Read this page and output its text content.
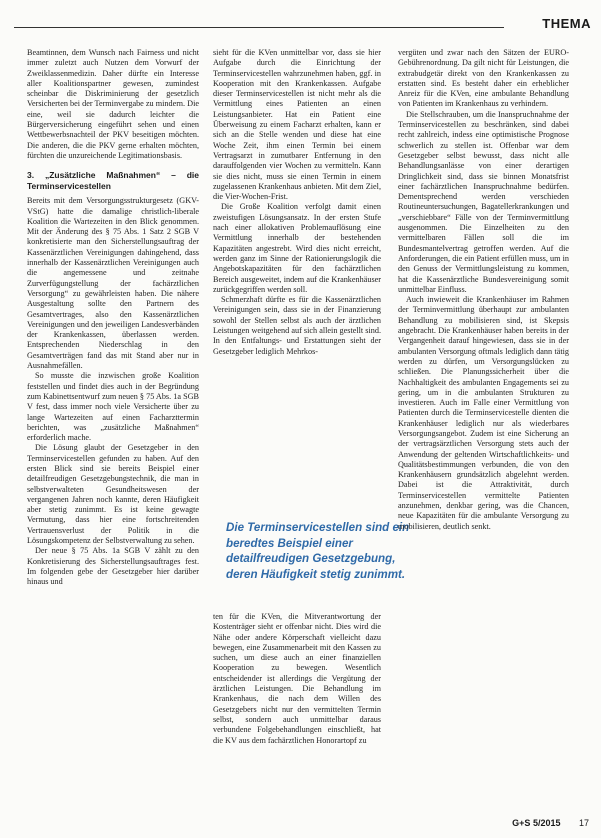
THEMA

Beamtinnen, dem Wunsch nach Fairness und nicht immer zuletzt auch Nutzen dem Vorwurf der Zweiklassenmedizin. Daher dürfte ein Interesse aller Koalitionspartner gewesen, zumindest scheinbar die Diskriminierung der gesetzlich Versicherten bei der Terminvergabe zu mindern. Die eine, weil sie dadurch leichter die Bürgerversicherung eingeführt sehen und einen Wettbewerbsnachteil der PKV beseitigen möchten. Die anderen, die die PKV gerne erhalten möchten, fürchten die unzureichende Legitimationsbasis.

3. „Zusätzliche Maßnahmen“ – die Terminservicestellen

Bereits mit dem Versorgungsstrukturgesetz (GKV-VStG) hatte die damalige christlich-liberale Koalition die Wartezeiten in den Blick genommen. Mit der Änderung des § 75 Abs. 1 Satz 2 SGB V konkretisierte man den Sicherstellungsauftrag der Kassenärztlichen Vereinigungen dahingehend, dass innerhalb der Kassenärztlichen Vereinigungen auch die angemessene und zeitnahe Zurverfügungstellung der fachärztlichen Versorgung“ zu gewährleisten haben. Die nähere Ausgestaltung sollte den Partnern des Gesamtvertrages, also den Kassenärztlichen Vereinigungen und den jeweiligen Landesverbänden der Krankenkassen, überlassen werden. Entsprechenden Niederschlag in den Gesamtverträgen fand das mit Stand aber nur in Ausnahmefällen.

So musste die inzwischen große Koalition feststellen und findet dies auch in der Begründung zum Kabinettsentwurf zum neuen § 75 Abs. 1a SGB V fest, dass immer noch viele Versicherte über zu lange Wartezeiten auf einen Facharzttermin berichten, was „zusätzliche Maßnahmen“ erforderlich mache.

Die Lösung glaubt der Gesetzgeber in den Terminservicestellen gefunden zu haben. Auf den ersten Blick sind sie bereits Beispiel einer detailfreudigen Gesetzgebungstechnik, die man in selbstverwalteten Gesundheitswesen der vergangenen Jahren noch kannte, deren Häufigkeit aber stetig zunimmt. Es ist keine gewagte Vermutung, dass hier eine fortschreitenden Vertrauensverlust der Politik in die Lösungskompetenz der Selbstverwaltung zu sehen.

Der neue § 75 Abs. 1a SGB V zählt zu den Konkretisierung des Sicherstellungsauftrages fest. Im folgenden gebe der Gesetzgeber hier darüber hinaus und

sieht für die KVen unmittelbar vor, dass sie hier Aufgabe durch die Einrichtung der Terminservicestellen wahrzunehmen haben, ggf. in Kooperation mit den Krankenkassen. Aufgabe dieser Terminservicestellen ist nicht mehr als die Vermittlung eines Patienten an einen Leistungsanbieter. Hat ein Patient eine Überweisung zu einem Facharzt erhalten, kann er sich an die Stelle wenden und diese hat eine Woche Zeit, ihm einen Termin bei einem Vertragsarzt in zumutbarer Entfernung in den darauffolgenden vier Wochen zu vermitteln. Kann sie dies nicht, muss sie einen Termin in einem zugelassenen Krankenhaus anbieten. Mit dem Ziel, die Vier-Wochen-Frist.

Die Große Koalition verfolgt damit einen zweistufigen Lösungsansatz. In der ersten Stufe nach einer allokativen Problemauflösung eine Vermittlung innerhalb der bestehenden Kapazitäten angestrebt. Wird dies nicht erreicht, werden ganz im Sinne der Rationierungslogik die Angebotskapazitäten für den fachärztlichen Bereich ausgeweitet, indem auf die Krankenhäuser zurückgegriffen werden soll.

Schmerzhaft dürfte es für die Kassenärztlichen Vereinigungen sein, dass sie in der Finanzierung sowohl der Stellen selbst als auch der ärztlichen Leistungen weitgehend auf sich allein gestellt sind. In den Entfaltungs- und Erstattungen sieht der Gesetzgeber lediglich Mehrkos-

Die Terminservicestellen sind ein beredtes Beispiel einer detailfreudigen Gesetzgebung, deren Häufigkeit stetig zunimmt.

ten für die KVen, die Mitverantwortung der Kostenträger sieht er offenbar nicht. Dies wird die Nähe oder andere Körperschaft vielleicht dazu bewegen, eine Zusammenarbeit mit den Kassen zu suchen, um diese auch an einer finanziellen Kooperation zu bewegen. Wesentlich entscheidender ist allerdings die Vergütung der ärztlichen Leistungen. Die Behandlung im Krankenhaus, die nach dem Willen des Gesetzgebers nicht nur den vermittelten Termin selbst, sondern auch unmittelbar daraus verbundene Folgebehandlungen einschließt, hat die KV aus dem fachärztlichen Honorartopf zu

vergüten und zwar nach den Sätzen der EURO-Gebührenordnung. Da gilt nicht für Leistungen, die extrabudgetär direkt von den Krankenkassen zu erstatten sind. Es besteht daher ein erheblicher Anreiz für die KVen, eine ambulante Behandlung von Patienten im Krankenhaus zu verhindern.

Die Stellschrauben, um die Inanspruchnahme der Terminservicestellen zu beschränken, sind dabei recht zahlreich, indess eine optimistische Prognose schwerlich zu stellen ist. Offenbar war dem Gesetzgeber selbst bewusst, dass nicht alle Behandlungsanlässe von einer derartigen Dringlichkeit sind, dass sie binnen Monatsfrist einer fachärztlichen Inanspruchnahme bedürfen. Dementsprechend werden verschieden Routineuntersuchungen, Bagatellerkrankungen und „verschiebbare“ Fälle von der Terminvermittlung ausgenommen. Die Einzelheiten zu den vermittelbaren Fällen soll die im Bundesmantelvertrag getroffen werden. Auf die Anforderungen, die ein Patient erfüllen muss, um in den Genuss der Vermittlungsleistung zu kommen, hat die Kassenärztliche Bundesvereinigung somit unmittelbar Einfluss.

Auch inwieweit die Krankenhäuser im Rahmen der Terminvermittlung überhaupt zur ambulanten Behandlung zu mobilisieren sind, ist Skepsis angebracht. Die Krankenhäuser haben bereits in der Vergangenheit darauf hingewiesen, dass sie in der ambulanten Versorgung oftmals lediglich dann tätig werden zu dürfen, um Versorgungslücken zu schließen. Die Planungssicherheit über die Nachhaltigkeit des ambulanten Engagements sei zu gering, um in die ambulanten Strukturen zu investieren. Auch im Falle einer Vermittlung von Patienten durch die Terminservicestelle dienten die Krankenhäuser lediglich nur als wiederbares Versorgungsangebot. Zudem ist eine Sicherung an der vertragsärztlichen Versorgung stets auch der Anwendung der geltenden Wirtschaftlichkeits- und Qualitätsbestimmungen verbunden, die von den Krankenhäusern grundsätzlich abgelehnt werden. Dabei ist die Attraktivität, durch Terminservicestellen vermittelte Patienten anzunehmen, denkbar gering, was die Chancen, neue Kapazitäten für die ambulante Versorgung zu mobilisieren, deutlich senkt.

G+S 5/2015 17
